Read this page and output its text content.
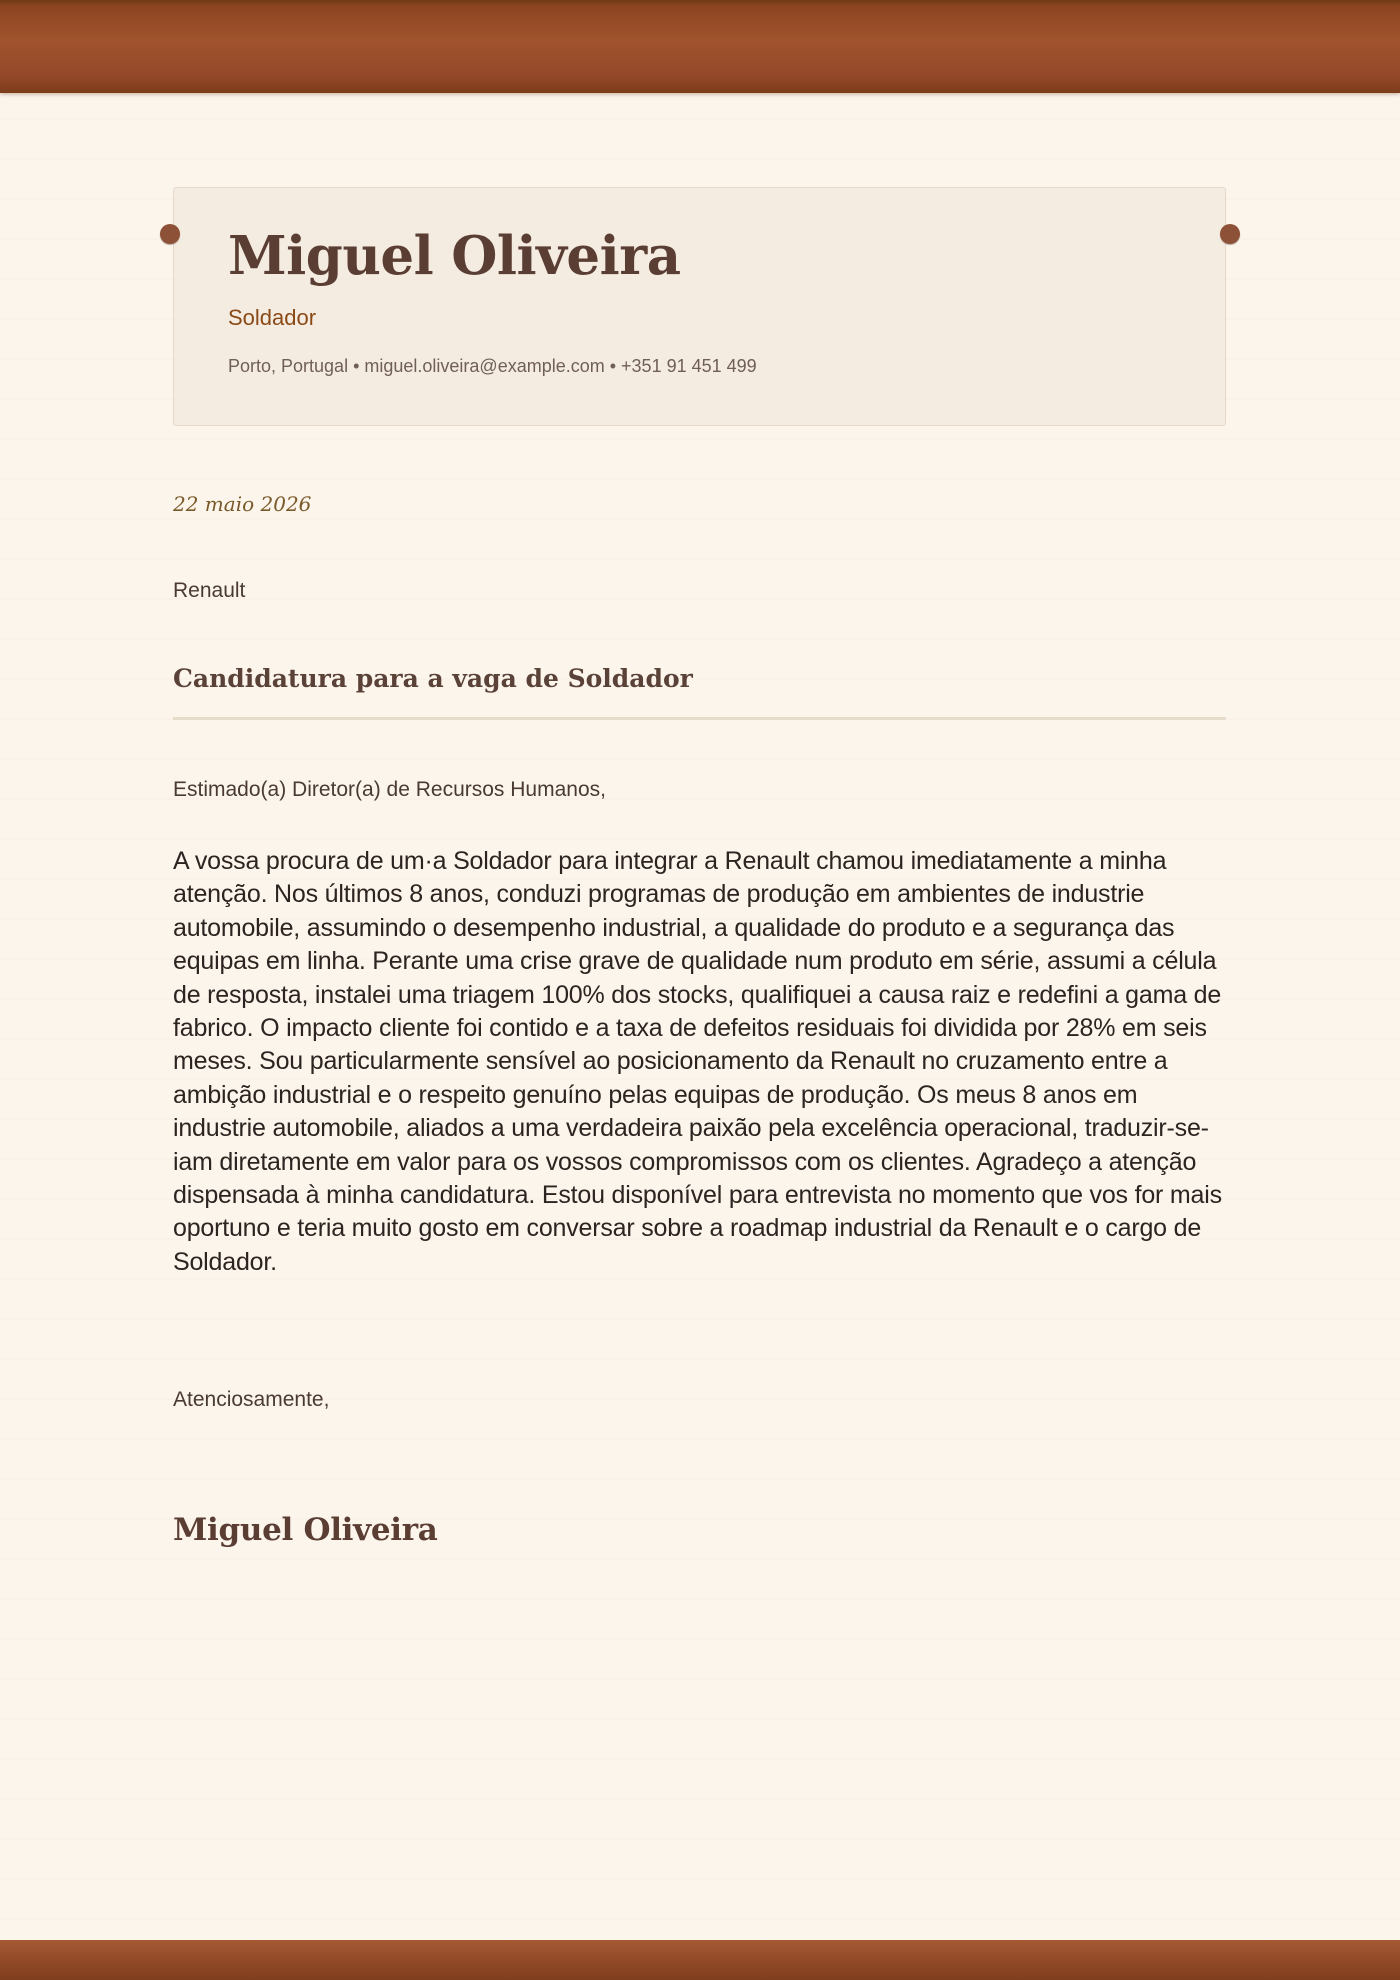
Miguel Oliveira
Soldador
Porto, Portugal • miguel.oliveira@example.com • +351 91 451 499
22 maio 2026
Renault
Candidatura para a vaga de Soldador
Estimado(a) Diretor(a) de Recursos Humanos,

A vossa procura de um·a Soldador para integrar a Renault chamou imediatamente a minha atenção. Nos últimos 8 anos, conduzi programas de produção em ambientes de industrie automobile, assumindo o desempenho industrial, a qualidade do produto e a segurança das equipas em linha. Perante uma crise grave de qualidade num produto em série, assumi a célula de resposta, instalei uma triagem 100% dos stocks, qualifiquei a causa raiz e redefini a gama de fabrico. O impacto cliente foi contido e a taxa de defeitos residuais foi dividida por 28% em seis meses. Sou particularmente sensível ao posicionamento da Renault no cruzamento entre a ambição industrial e o respeito genuíno pelas equipas de produção. Os meus 8 anos em industrie automobile, aliados a uma verdadeira paixão pela excelência operacional, traduzir-se-iam diretamente em valor para os vossos compromissos com os clientes. Agradeço a atenção dispensada à minha candidatura. Estou disponível para entrevista no momento que vos for mais oportuno e teria muito gosto em conversar sobre a roadmap industrial da Renault e o cargo de Soldador.

Atenciosamente,
Miguel Oliveira
